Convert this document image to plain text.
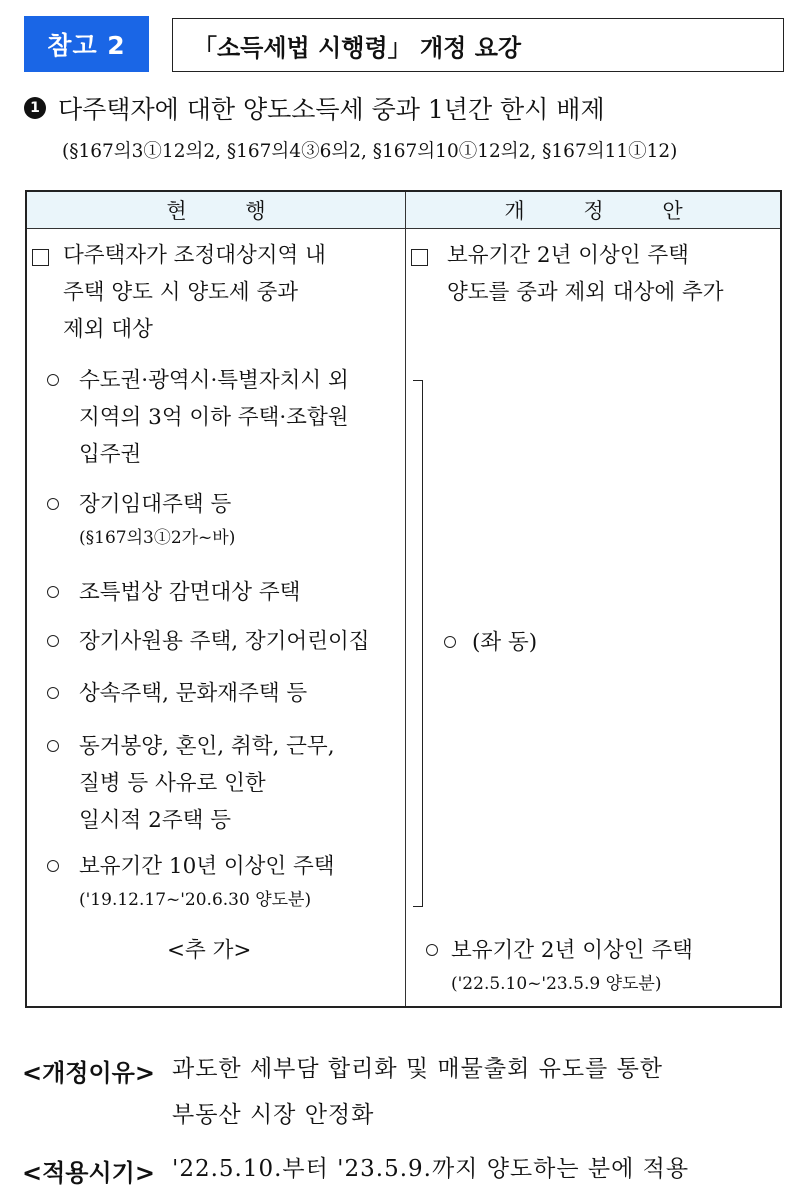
참고 2	「소득세법 시행령」 개정 요강
1 다주택자에 대한 양도소득세 중과 1년간 한시 배제
(§167의3①12의2, §167의4③6의2, §167의10①12의2, §167의11①12)
현 행	개 정 안
다주택자가 조정대상지역 내
주택 양도 시 양도세 중과
제외 대상
수도권·광역시·특별자치시 외
지역의 3억 이하 주택·조합원
입주권
장기임대주택 등
(§167의3①2가~바)
조특법상 감면대상 주택
장기사원용 주택, 장기어린이집
상속주택, 문화재주택 등
동거봉양, 혼인, 취학, 근무,
질병 등 사유로 인한
일시적 2주택 등
보유기간 10년 이상인 주택
('19.12.17~'20.6.30 양도분)
<추 가>
보유기간 2년 이상인 주택
양도를 중과 제외 대상에 추가
(좌 동)
보유기간 2년 이상인 주택
('22.5.10~'23.5.9 양도분)
<개정이유> 과도한 세부담 합리화 및 매물출회 유도를 통한
부동산 시장 안정화
<적용시기> '22.5.10.부터 '23.5.9.까지 양도하는 분에 적용
